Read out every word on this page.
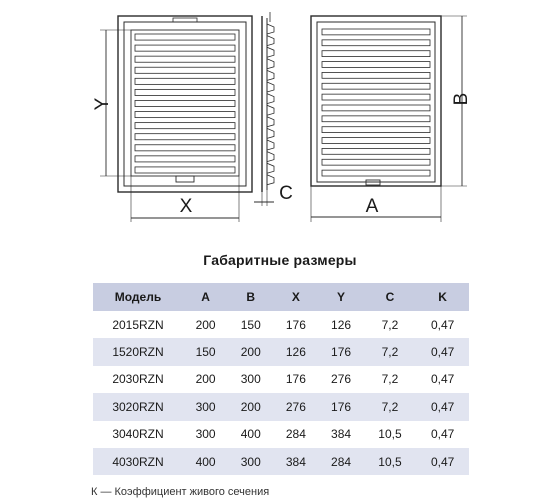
Y
X
C
B
A
Габаритные размеры
Модель	A	B	X	Y	C	K
2015RZN	200	150	176	126	7,2	0,47
1520RZN	150	200	126	176	7,2	0,47
2030RZN	200	300	176	276	7,2	0,47
3020RZN	300	200	276	176	7,2	0,47
3040RZN	300	400	284	384	10,5	0,47
4030RZN	400	300	384	284	10,5	0,47
К — Коэффициент живого сечения
